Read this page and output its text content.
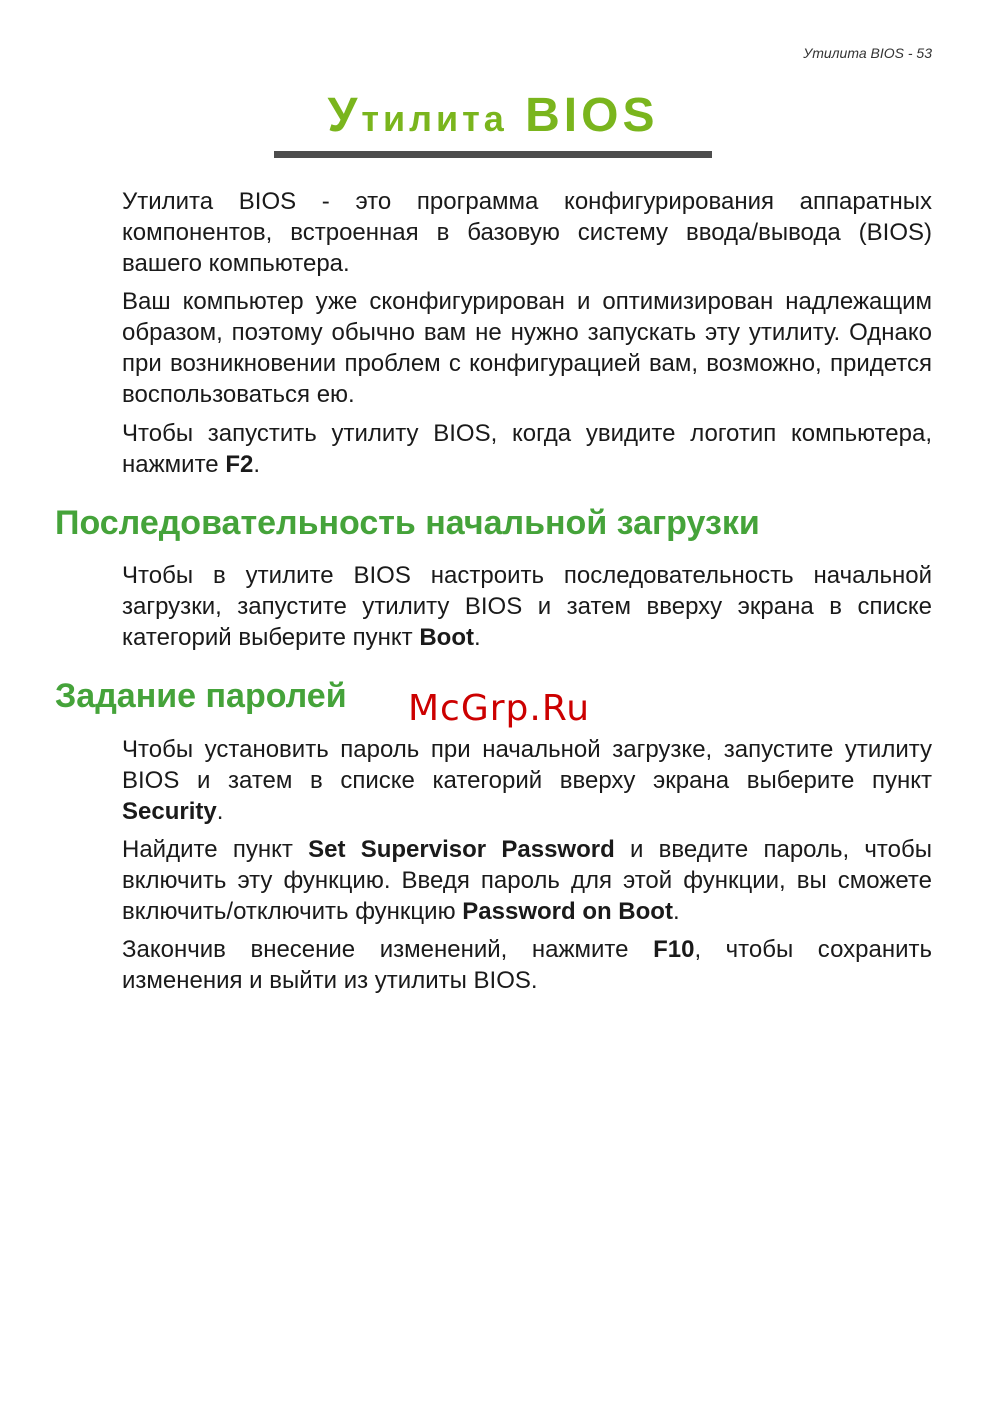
Утилита BIOS - 53
Утилита BIOS

Утилита BIOS - это программа конфигурирования аппаратных компонентов, встроенная в базовую систему ввода/вывода (BIOS) вашего компьютера.

Ваш компьютер уже сконфигурирован и оптимизирован надлежащим образом, поэтому обычно вам не нужно запускать эту утилиту. Однако при возникновении проблем с конфигурацией вам, возможно, придется воспользоваться ею.

Чтобы запустить утилиту BIOS, когда увидите логотип компьютера, нажмите F2.

Последовательность начальной загрузки

Чтобы в утилите BIOS настроить последовательность начальной загрузки, запустите утилиту BIOS и затем вверху экрана в списке категорий выберите пункт Boot.

Задание паролей McGrp.Ru

Чтобы установить пароль при начальной загрузке, запустите утилиту BIOS и затем в списке категорий вверху экрана выберите пункт Security.

Найдите пункт Set Supervisor Password и введите пароль, чтобы включить эту функцию. Введя пароль для этой функции, вы сможете включить/отключить функцию Password on Boot.

Закончив внесение изменений, нажмите F10, чтобы сохранить изменения и выйти из утилиты BIOS.
